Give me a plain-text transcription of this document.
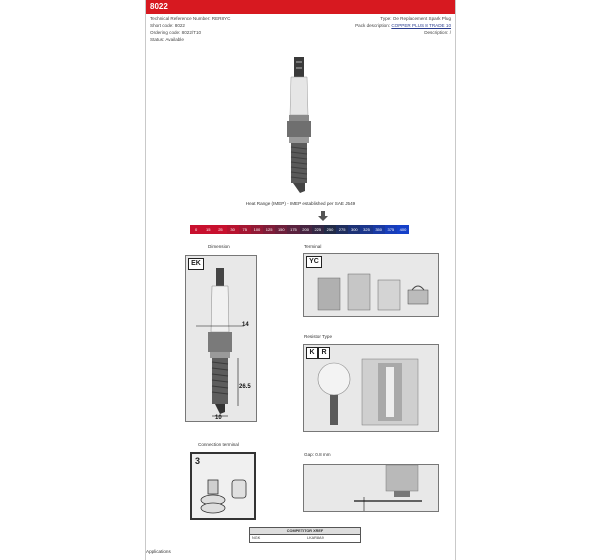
8022
Technical Reference Number: RER8YC
Short code: 8022
Ordering code: 8022/T10
Status: Available
Type: Oe Replacement Spark Plug
Pack description: COPPER PLUS 8 TRADE 10
Description: /
Heat Range (IMEP) - IMEP established per SAE J549
0	15	25	30	75	100	125	150	175	200	225	250	275	300	325	350	375	400
Dimension
EK
14
26.5
10
Terminal
YC
Resistor Type
K R
Connection terminal
3
Gap: 0.8 mm
COMPETITOR XREF
NGK	LKAR8A9
Applications
